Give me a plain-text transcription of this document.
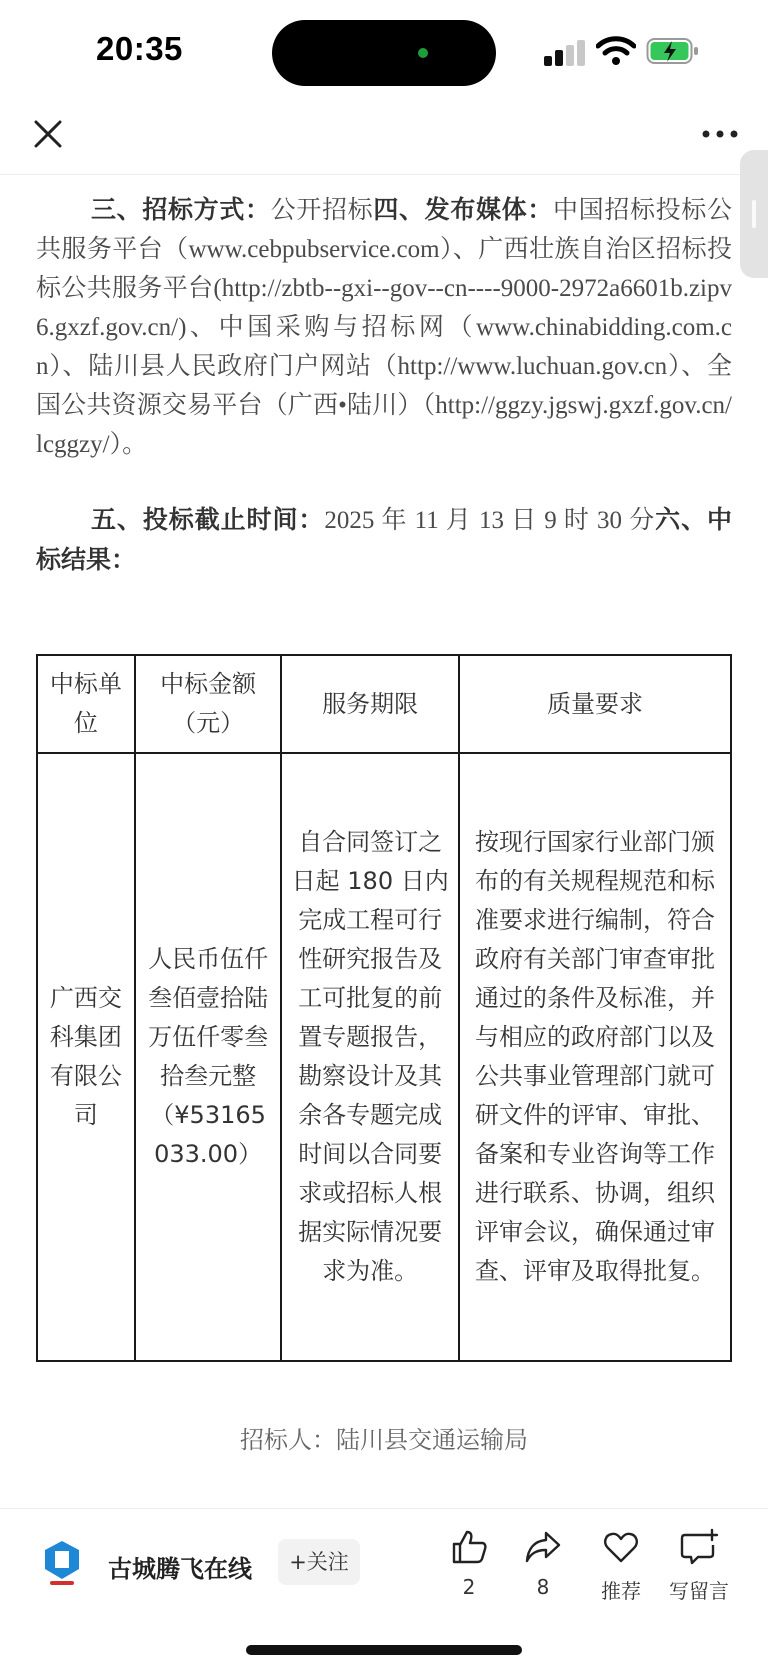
20:35

三、招标方式：公开招标四、发布媒体：中国招标投标公共服务平台（www.cebpubservice.com）、广西壮族自治区招标投标公共服务平台(http://zbtb--gxi--gov--cn----9000-2972a6601b.zipv6.gxzf.gov.cn/)、中国采购与招标网（www.chinabidding.com.cn）、陆川县人民政府门户网站（http://www.luchuan.gov.cn）、全国公共资源交易平台（广西•陆川）（http://ggzy.jgswj.gxzf.gov.cn/lcggzy/）。

五、投标截止时间：2025 年 11 月 13 日 9 时 30 分六、中标结果：

中标单位	中标金额（元）	服务期限	质量要求
广西交科集团有限公司	人民币伍仟叁佰壹拾陆万伍仟零叁拾叁元整（¥53165033.00）	自合同签订之日起 180 日内完成工程可行性研究报告及工可批复的前置专题报告，勘察设计及其余各专题完成时间以合同要求或招标人根据实际情况要求为准。	按现行国家行业部门颁布的有关规程规范和标准要求进行编制，符合政府有关部门审查审批通过的条件及标准，并与相应的政府部门以及公共事业管理部门就可研文件的评审、审批、备案和专业咨询等工作进行联系、协调，组织评审会议，确保通过审查、评审及取得批复。
招标人：陆川县交通运输局
古城腾飞在线	+关注
2	8	推荐	写留言
